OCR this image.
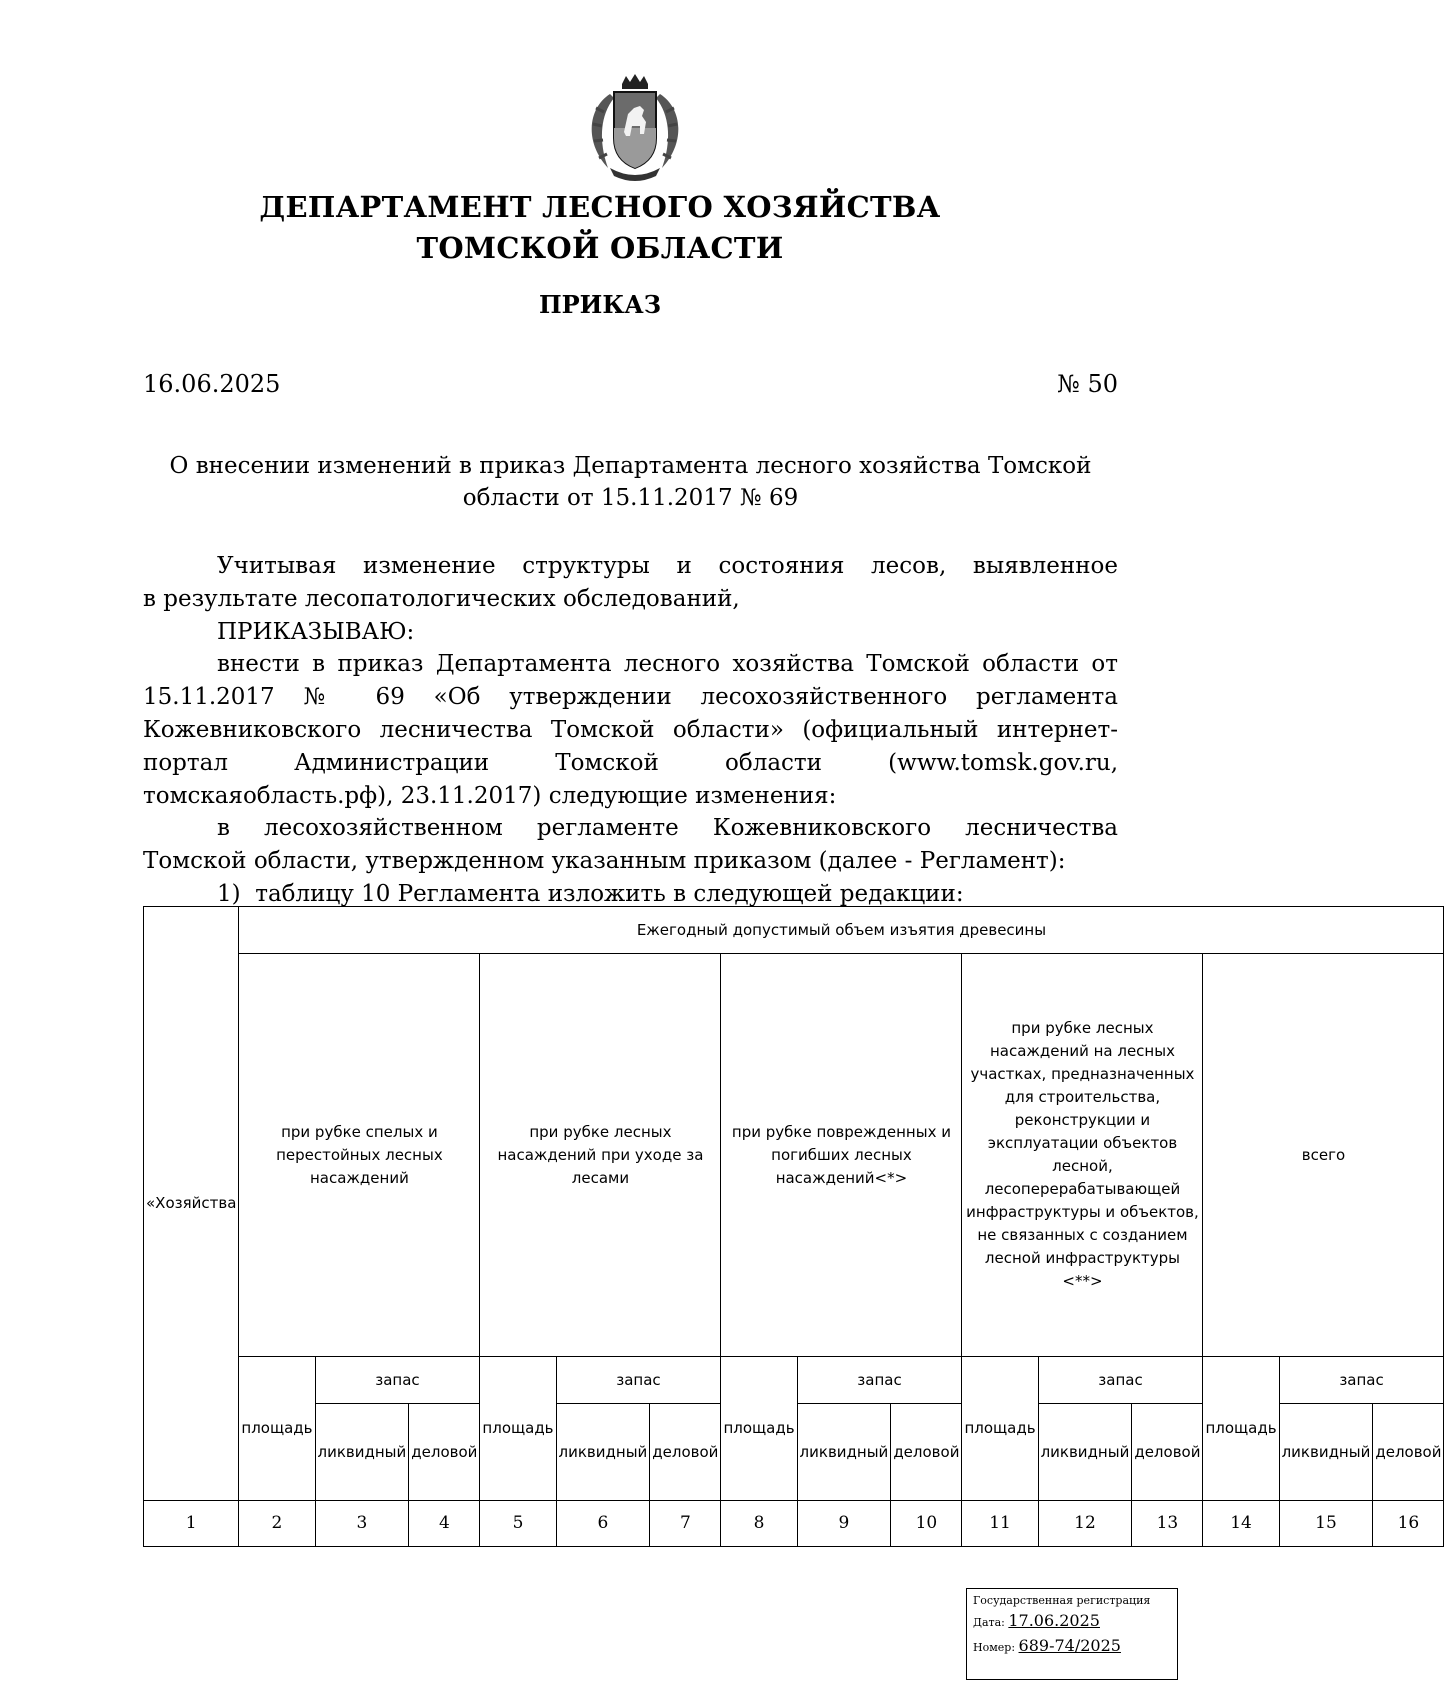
ДЕПАРТАМЕНТ ЛЕСНОГО ХОЗЯЙСТВА
ТОМСКОЙ ОБЛАСТИ
ПРИКАЗ
16.06.2025	№ 50
О внесении изменений в приказ Департамента лесного хозяйства Томской
области от 15.11.2017 № 69
Учитывая изменение структуры и состояния лесов, выявленное
в результате лесопатологических обследований,
ПРИКАЗЫВАЮ:
внести в приказ Департамента лесного хозяйства Томской области от 15.11.2017 № 69 «Об утверждении лесохозяйственного регламента Кожевниковского лесничества Томской области» (официальный интернет-портал Администрации Томской области (www.tomsk.gov.ru, томскаяобласть.рф), 23.11.2017) следующие изменения:
в лесохозяйственном регламенте Кожевниковского лесничества Томской области, утвержденном указанным приказом (далее - Регламент):
1)  таблицу 10 Регламента изложить в следующей редакции:
«Хозяйства	Ежегодный допустимый объем изъятия древесины														
	при рубке спелых и перестойных лесных насаждений			при рубке лесных насаждений при уходе за лесами			при рубке поврежденных и погибших лесных насаждений<*>			при рубке лесных насаждений на лесных участках, предназначенных для строительства, реконструкции и эксплуатации объектов лесной, лесоперерабатывающей инфраструктуры и объектов, не связанных с созданием лесной инфраструктуры <**>			всего		
	площадь	запас		площадь	запас		площадь	запас		площадь	запас		площадь	запас	
		ликвидный	деловой		ликвидный	деловой		ликвидный	деловой		ликвидный	деловой		ликвидный	деловой
1	2	3	4	5	6	7	8	9	10	11	12	13	14	15	16
Государственная регистрация
Дата: 17.06.2025
Номер: 689-74/2025
